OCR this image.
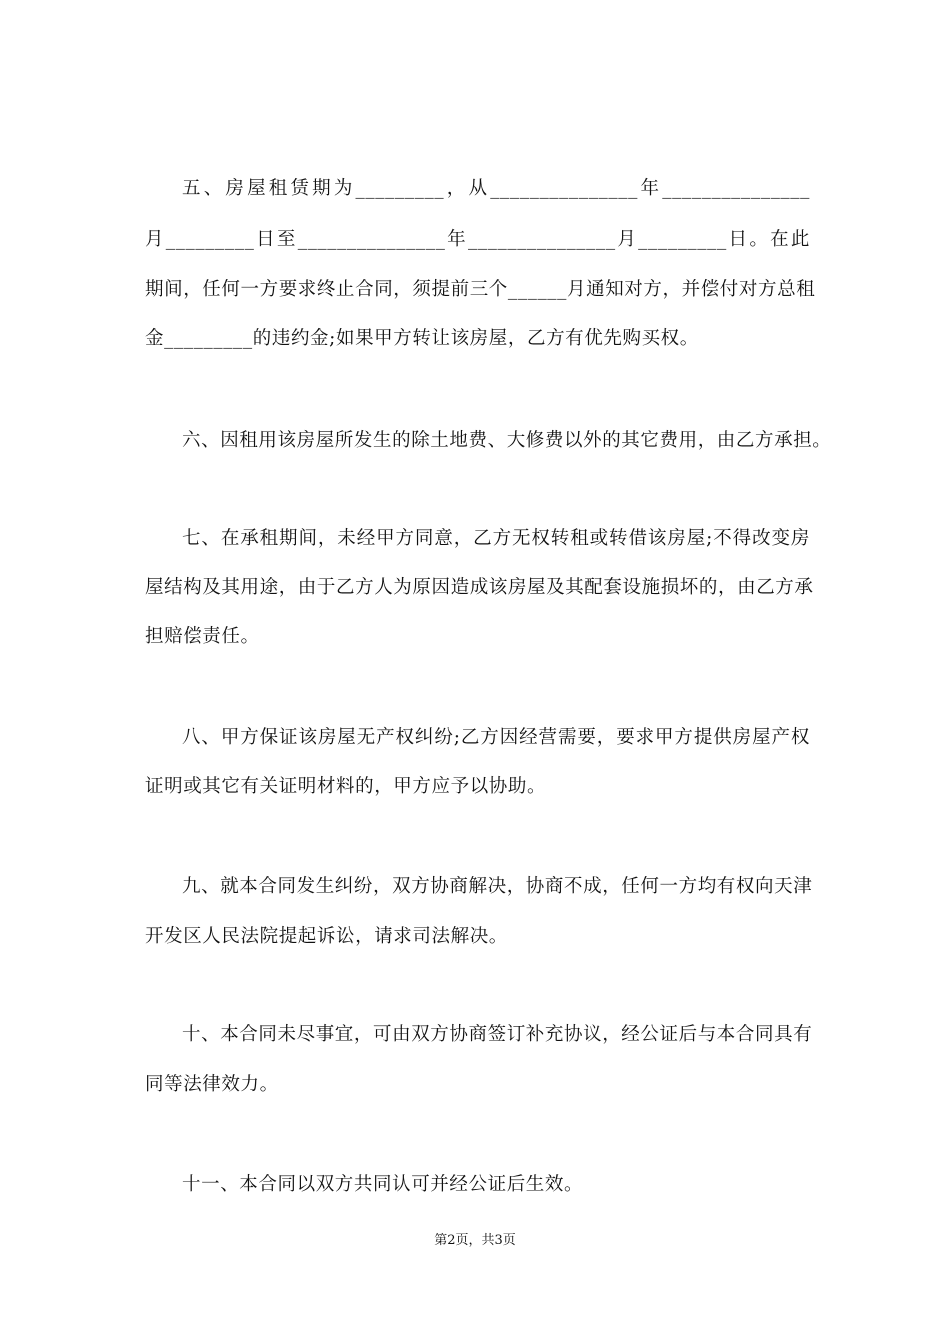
五、房屋租赁期为_________，从_______________年_______________
月_________日至_______________年_______________月_________日。在此
期间，任何一方要求终止合同，须提前三个______月通知对方，并偿付对方总租
金_________的违约金;如果甲方转让该房屋，乙方有优先购买权。
六、因租用该房屋所发生的除土地费、大修费以外的其它费用，由乙方承担。
七、在承租期间，未经甲方同意，乙方无权转租或转借该房屋;不得改变房
屋结构及其用途，由于乙方人为原因造成该房屋及其配套设施损坏的，由乙方承
担赔偿责任。
八、甲方保证该房屋无产权纠纷;乙方因经营需要，要求甲方提供房屋产权
证明或其它有关证明材料的，甲方应予以协助。
九、就本合同发生纠纷，双方协商解决，协商不成，任何一方均有权向天津
开发区人民法院提起诉讼，请求司法解决。
十、本合同未尽事宜，可由双方协商签订补充协议，经公证后与本合同具有
同等法律效力。
十一、本合同以双方共同认可并经公证后生效。
第2页，共3页
